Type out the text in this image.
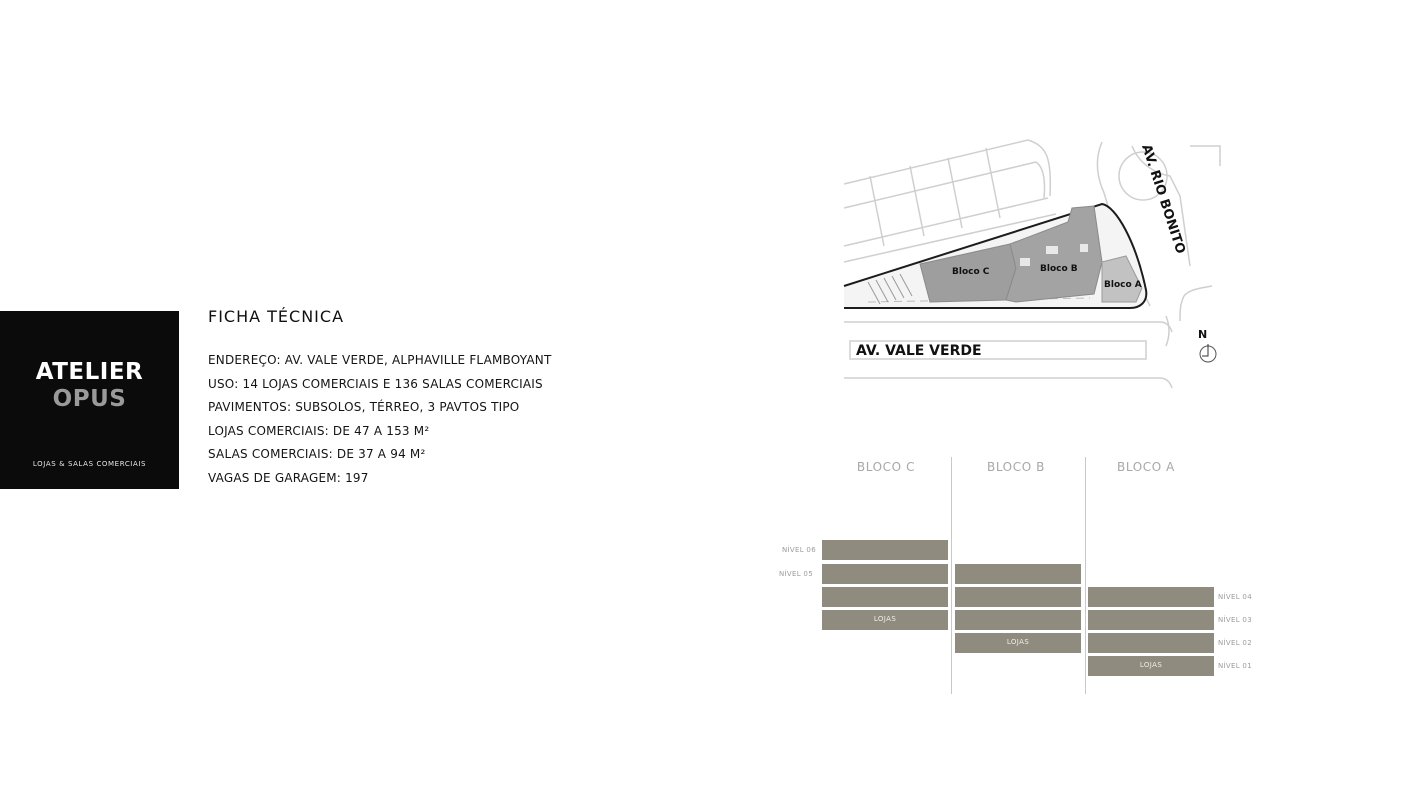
ATELIER
OPUS
LOJAS & SALAS COMERCIAIS
FICHA TÉCNICA
ENDEREÇO: AV. VALE VERDE, ALPHAVILLE FLAMBOYANT
USO: 14 LOJAS COMERCIAIS E 136 SALAS COMERCIAIS
PAVIMENTOS: SUBSOLOS, TÉRREO, 3 PAVTOS TIPO
LOJAS COMERCIAIS: DE 47 A 153 M²
SALAS COMERCIAIS: DE 37 A 94 M²
VAGAS DE GARAGEM: 197
Bloco C	Bloco B
Bloco A
AV. VALE VERDE
AV. RIO BONITO
N
BLOCO C	BLOCO B	BLOCO A
LOJAS
LOJAS
LOJAS
NÍVEL 06
NÍVEL 05
NÍVEL 04
NÍVEL 03
NÍVEL 02
NÍVEL 01
